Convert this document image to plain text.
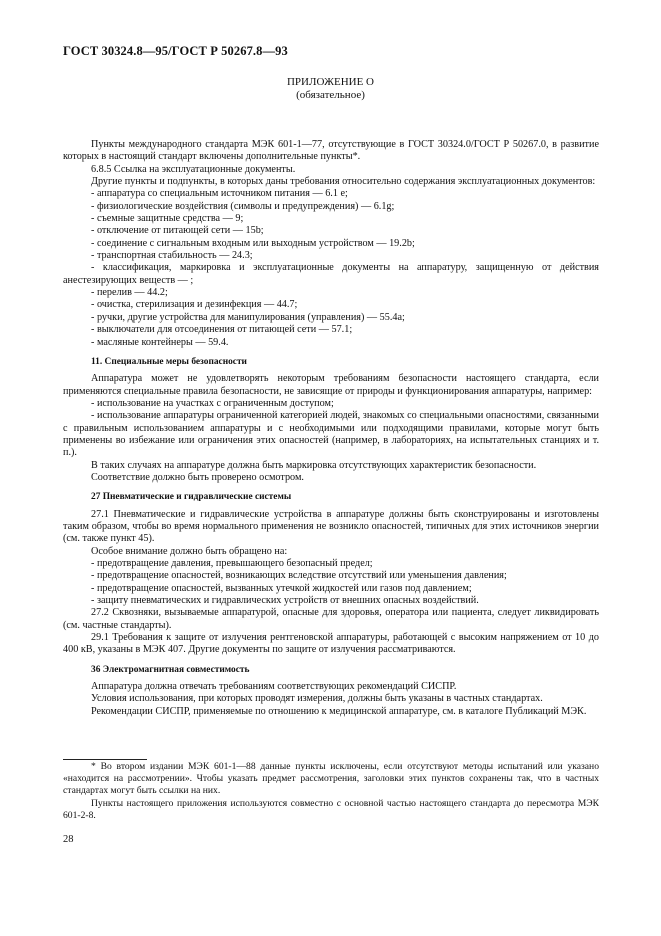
ГОСТ 30324.8—95/ГОСТ Р 50267.8—93
ПРИЛОЖЕНИЕ О
(обязательное)

Пункты международного стандарта МЭК 601-1—77, отсутствующие в ГОСТ 30324.0/ГОСТ Р 50267.0, в развитие которых в настоящий стандарт включены дополнительные пункты*.

6.8.5 Ссылка на эксплуатационные документы.

Другие пункты и подпункты, в которых даны требования относительно содержания эксплуатационных документов:

- аппаратура со специальным источником питания — 6.1 е;

- физиологические воздействия (символы и предупреждения) — 6.1g;

- съемные защитные средства — 9;

- отключение от питающей сети — 15b;

- соединение с сигнальным входным или выходным устройством — 19.2b;

- транспортная стабильность — 24.3;

- классификация, маркировка и эксплуатационные документы на аппаратуру, защищенную от действия анестезирующих веществ — ;

- перелив — 44.2;

- очистка, стерилизация и дезинфекция — 44.7;

- ручки, другие устройства для манипулирования (управления) — 55.4а;

- выключатели для отсоединения от питающей сети — 57.1;

- масляные контейнеры — 59.4.

11. Специальные меры безопасности

Аппаратура может не удовлетворять некоторым требованиям безопасности настоящего стандарта, если применяются специальные правила безопасности, не зависящие от природы и функционирования аппаратуры, например:

- использование на участках с ограниченным доступом;

- использование аппаратуры ограниченной категорией людей, знакомых со специальными опасностями, связанными с правильным использованием аппаратуры и с необходимыми или подходящими правилами, которые могут быть применены во избежание или ограничения этих опасностей (например, в лабораториях, на испытательных станциях и т. п.).

В таких случаях на аппаратуре должна быть маркировка отсутствующих характеристик безопасности.

Соответствие должно быть проверено осмотром.

27 Пневматические и гидравлические системы

27.1 Пневматические и гидравлические устройства в аппаратуре должны быть сконструированы и изготовлены таким образом, чтобы во время нормального применения не возникло опасностей, типичных для этих источников энергии (см. также пункт 45).

Особое внимание должно быть обращено на:

- предотвращение давления, превышающего безопасный предел;

- предотвращение опасностей, возникающих вследствие отсутствий или уменьшения давления;

- предотвращение опасностей, вызванных утечкой жидкостей или газов под давлением;

- защиту пневматических и гидравлических устройств от внешних опасных воздействий.

27.2 Сквозняки, вызываемые аппаратурой, опасные для здоровья, оператора или пациента, следует ликвидировать (см. частные стандарты).

29.1 Требования к защите от излучения рентгеновской аппаратуры, работающей с высоким напряжением от 10 до 400 кВ, указаны в МЭК 407. Другие документы по защите от излучения рассматриваются.

36 Электромагнитная совместимость

Аппаратура должна отвечать требованиям соответствующих рекомендаций СИСПР.

Условия использования, при которых проводят измерения, должны быть указаны в частных стандартах.

Рекомендации СИСПР, применяемые по отношению к медицинской аппаратуре, см. в каталоге Публикаций МЭК.

* Во втором издании МЭК 601-1—88 данные пункты исключены, если отсутствуют методы испытаний или указано «находится на рассмотрении». Чтобы указать предмет рассмотрения, заголовки этих пунктов сохранены так, что в частных стандартах могут быть ссылки на них.

Пункты настоящего приложения используются совместно с основной частью настоящего стандарта до пересмотра МЭК 601-2-8.

28
